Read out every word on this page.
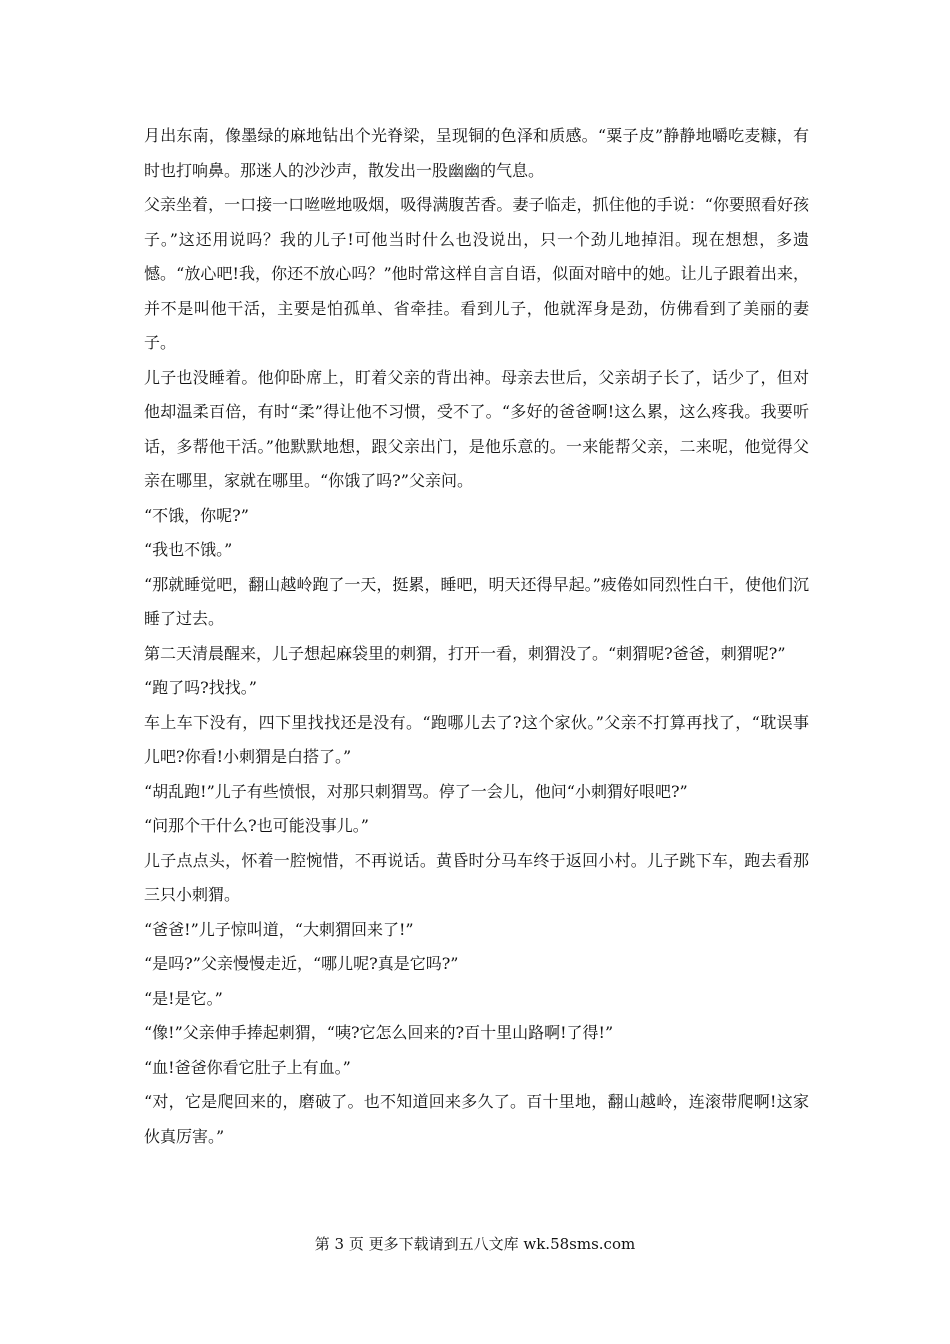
月出东南，像墨绿的麻地钻出个光脊梁，呈现铜的色泽和质感。“粟子皮”静静地嚼吃麦糠，有时也打响鼻。那迷人的沙沙声，散发出一股幽幽的气息。

父亲坐着，一口接一口咝咝地吸烟，吸得满腹苦香。妻子临走，抓住他的手说：“你要照看好孩子。”这还用说吗？我的儿子!可他当时什么也没说出，只一个劲儿地掉泪。现在想想，多遗憾。“放心吧!我，你还不放心吗？”他时常这样自言自语，似面对暗中的她。让儿子跟着出来，并不是叫他干活，主要是怕孤单、省牵挂。看到儿子，他就浑身是劲，仿佛看到了美丽的妻子。

儿子也没睡着。他仰卧席上，盯着父亲的背出神。母亲去世后，父亲胡子长了，话少了，但对他却温柔百倍，有时“柔”得让他不习惯，受不了。“多好的爸爸啊!这么累，这么疼我。我要听话，多帮他干活。”他默默地想，跟父亲出门，是他乐意的。一来能帮父亲，二来呢，他觉得父亲在哪里，家就在哪里。“你饿了吗?”父亲问。

“不饿，你呢?”

“我也不饿。”

“那就睡觉吧，翻山越岭跑了一天，挺累，睡吧，明天还得早起。”疲倦如同烈性白干，使他们沉睡了过去。

第二天清晨醒来，儿子想起麻袋里的刺猬，打开一看，刺猬没了。“刺猬呢?爸爸，刺猬呢?”

“跑了吗?找找。”

车上车下没有，四下里找找还是没有。“跑哪儿去了?这个家伙。”父亲不打算再找了，“耽误事儿吧?你看!小刺猬是白搭了。”

“胡乱跑!”儿子有些愤恨，对那只刺猬骂。停了一会儿，他问“小刺猬好哏吧?”

“问那个干什么?也可能没事儿。”

儿子点点头，怀着一腔惋惜，不再说话。黄昏时分马车终于返回小村。儿子跳下车，跑去看那三只小刺猬。

“爸爸!”儿子惊叫道，“大刺猬回来了!”

“是吗?”父亲慢慢走近，“哪儿呢?真是它吗?”

“是!是它。”

“像!”父亲伸手捧起刺猬，“咦?它怎么回来的?百十里山路啊!了得!”

“血!爸爸你看它肚子上有血。”

“对，它是爬回来的，磨破了。也不知道回来多久了。百十里地，翻山越岭，连滚带爬啊!这家伙真厉害。”

第 3 页 更多下载请到五八文库 wk.58sms.com
